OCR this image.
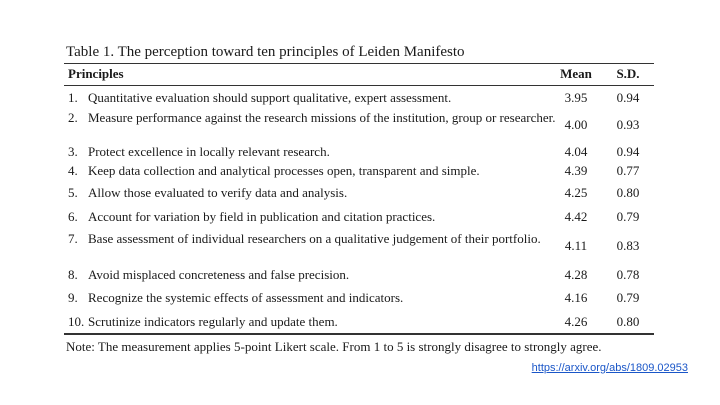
Table 1. The perception toward ten principles of Leiden Manifesto
Principles	Mean	S.D.
1. Quantitative evaluation should support qualitative, expert assessment.	3.95	0.94
2. Measure performance against the research missions of the institution, group or researcher. 4.00	0.93
3. Protect excellence in locally relevant research.	4.04	0.94
4. Keep data collection and analytical processes open, transparent and simple.	4.39	0.77
5. Allow those evaluated to verify data and analysis.	4.25	0.80
6. Account for variation by field in publication and citation practices.	4.42	0.79
7. Base assessment of individual researchers on a qualitative judgement of their portfolio.	4.11	0.83
8. Avoid misplaced concreteness and false precision.	4.28	0.78
9. Recognize the systemic effects of assessment and indicators.	4.16	0.79
10. Scrutinize indicators regularly and update them.	4.26	0.80
Note: The measurement applies 5-point Likert scale. From 1 to 5 is strongly disagree to strongly agree.
https://arxiv.org/abs/1809.02953
